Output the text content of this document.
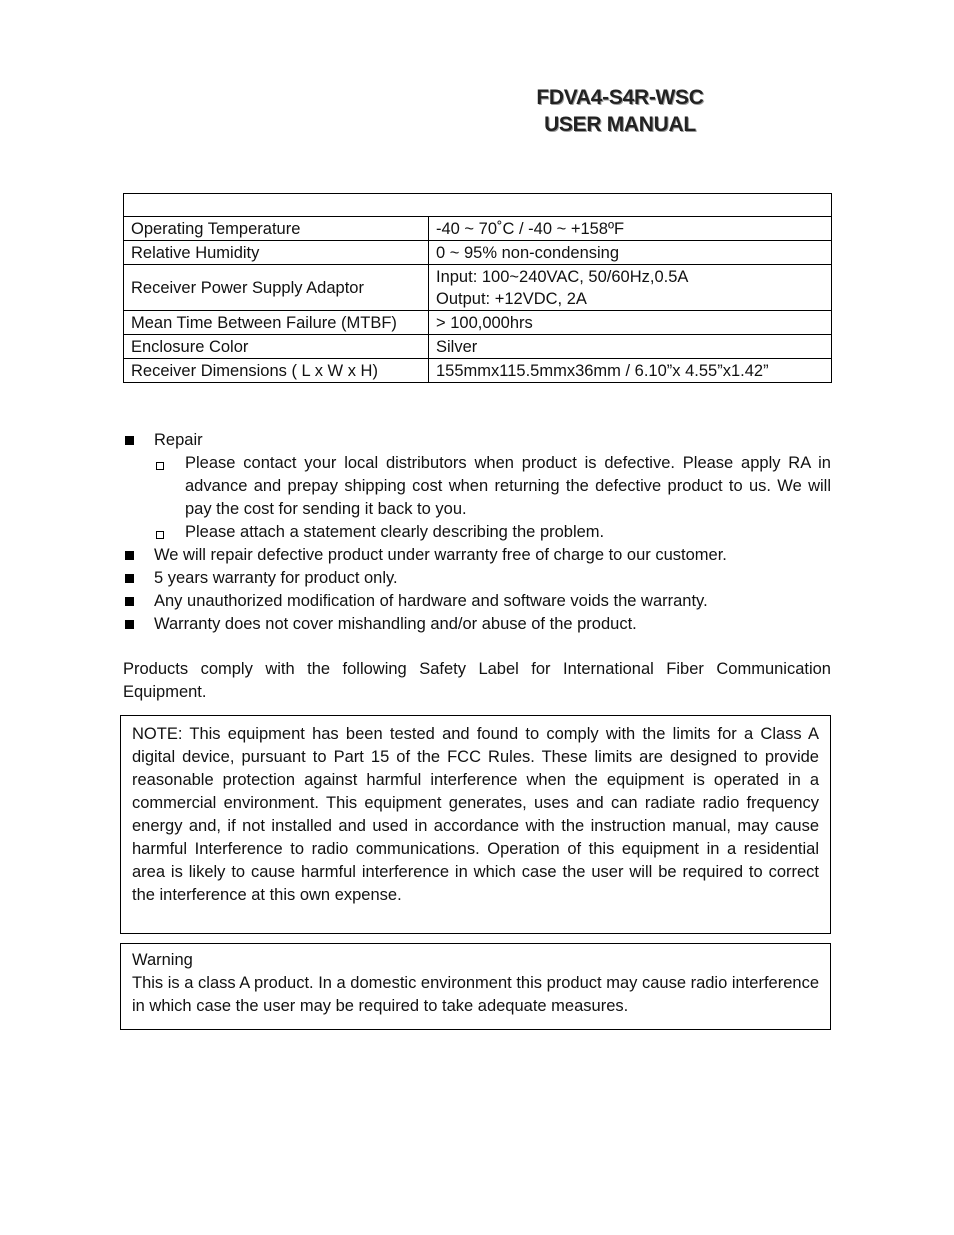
FDVA4-S4R-WSC
USER MANUAL

Operating Temperature	-40 ~ 70˚C / -40 ~ +158ºF
Relative Humidity	0 ~ 95% non-condensing
Receiver Power Supply Adaptor	Input: 100~240VAC, 50/60Hz,0.5A
Output: +12VDC, 2A

Mean Time Between Failure (MTBF)	> 100,000hrs
Enclosure Color	Silver
Receiver Dimensions ( L x W x H)	155mmx115.5mmx36mm / 6.10”x 4.55”x1.42”
Repair
Please contact your local distributors when product is defective. Please apply RA in advance and prepay shipping cost when returning the defective product to us. We will pay the cost for sending it back to you.
Please attach a statement clearly describing the problem.
We will repair defective product under warranty free of charge to our customer.
5 years warranty for product only.
Any unauthorized modification of hardware and software voids the warranty.
Warranty does not cover mishandling and/or abuse of the product.
Products comply with the following Safety Label for International Fiber Communication Equipment.
NOTE: This equipment has been tested and found to comply with the limits for a Class A digital device, pursuant to Part 15 of the FCC Rules. These limits are designed to provide reasonable protection against harmful interference when the equipment is operated in a commercial environment. This equipment generates, uses and can radiate radio frequency energy and, if not installed and used in accordance with the instruction manual, may cause harmful Interference to radio communications. Operation of this equipment in a residential area is likely to cause harmful interference in which case the user will be required to correct the interference at this own expense.
Warning
This is a class A product. In a domestic environment this product may cause radio interference in which case the user may be required to take adequate measures.
